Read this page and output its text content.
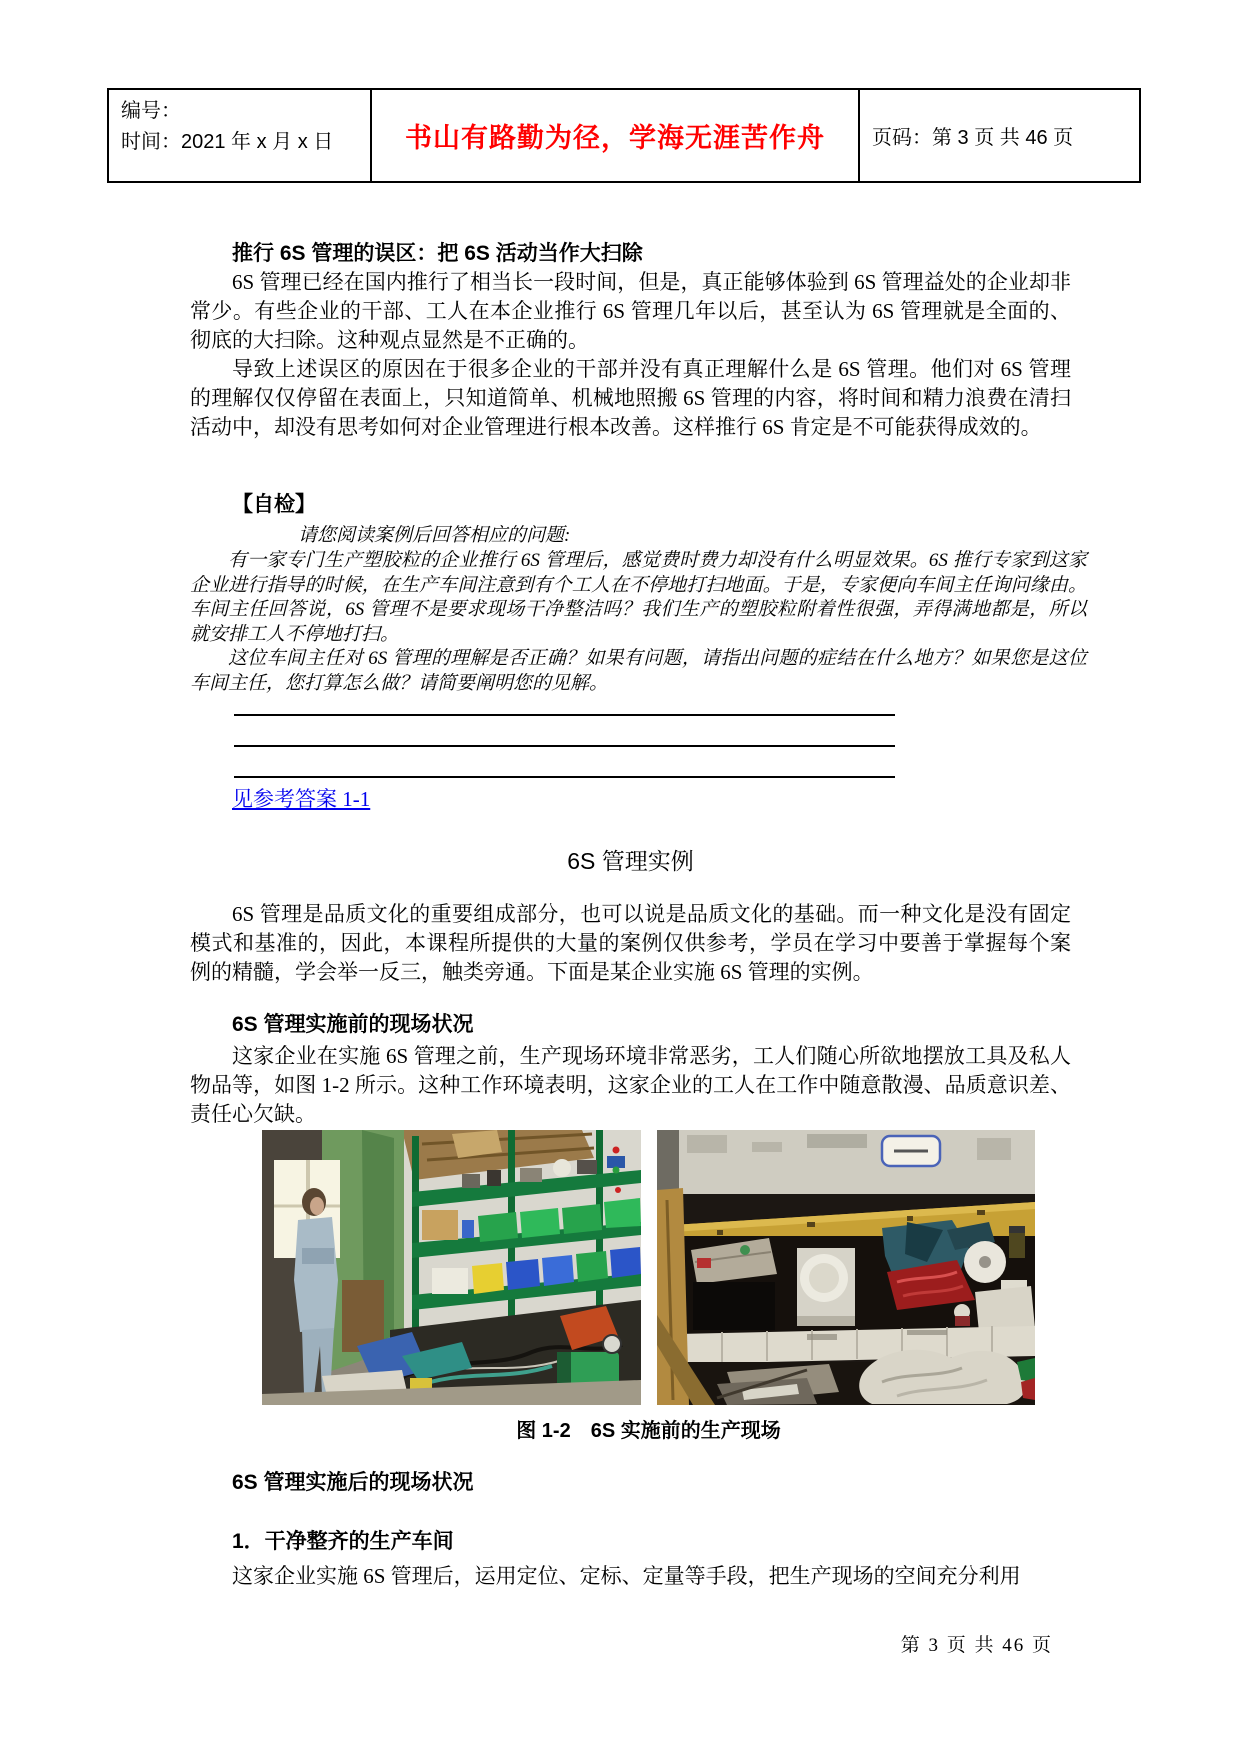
编号：
时间：2021 年 x 月 x 日	书山有路勤为径，学海无涯苦作舟 页码：第 3 页 共 46 页
推行 6S 管理的误区：把 6S 活动当作大扫除
6S 管理已经在国内推行了相当长一段时间，但是，真正能够体验到 6S 管理益处的企业却非常少。有些企业的干部、工人在本企业推行 6S 管理几年以后，甚至认为 6S 管理就是全面的、彻底的大扫除。这种观点显然是不正确的。
导致上述误区的原因在于很多企业的干部并没有真正理解什么是 6S 管理。他们对 6S 管理的理解仅仅停留在表面上，只知道简单、机械地照搬 6S 管理的内容，将时间和精力浪费在清扫活动中，却没有思考如何对企业管理进行根本改善。这样推行 6S 肯定是不可能获得成效的。
【自检】
请您阅读案例后回答相应的问题:
有一家专门生产塑胶粒的企业推行 6S 管理后，感觉费时费力却没有什么明显效果。6S 推行专家到这家企业进行指导的时候，在生产车间注意到有个工人在不停地打扫地面。于是，专家便向车间主任询问缘由。车间主任回答说，6S 管理不是要求现场干净整洁吗？我们生产的塑胶粒附着性很强，弄得满地都是，所以就安排工人不停地打扫。
这位车间主任对 6S 管理的理解是否正确？如果有问题，请指出问题的症结在什么地方？如果您是这位车间主任，您打算怎么做？请简要阐明您的见解。
见参考答案 1-1
6S 管理实例
6S 管理是品质文化的重要组成部分，也可以说是品质文化的基础。而一种文化是没有固定模式和基准的，因此，本课程所提供的大量的案例仅供参考，学员在学习中要善于掌握每个案例的精髓，学会举一反三，触类旁通。下面是某企业实施 6S 管理的实例。
6S 管理实施前的现场状况
这家企业在实施 6S 管理之前，生产现场环境非常恶劣，工人们随心所欲地摆放工具及私人物品等，如图 1-2 所示。这种工作环境表明，这家企业的工人在工作中随意散漫、品质意识差、责任心欠缺。
图 1-2　6S 实施前的生产现场
6S 管理实施后的现场状况
1．干净整齐的生产车间
这家企业实施 6S 管理后，运用定位、定标、定量等手段，把生产现场的空间充分利用
第 3 页 共 46 页
